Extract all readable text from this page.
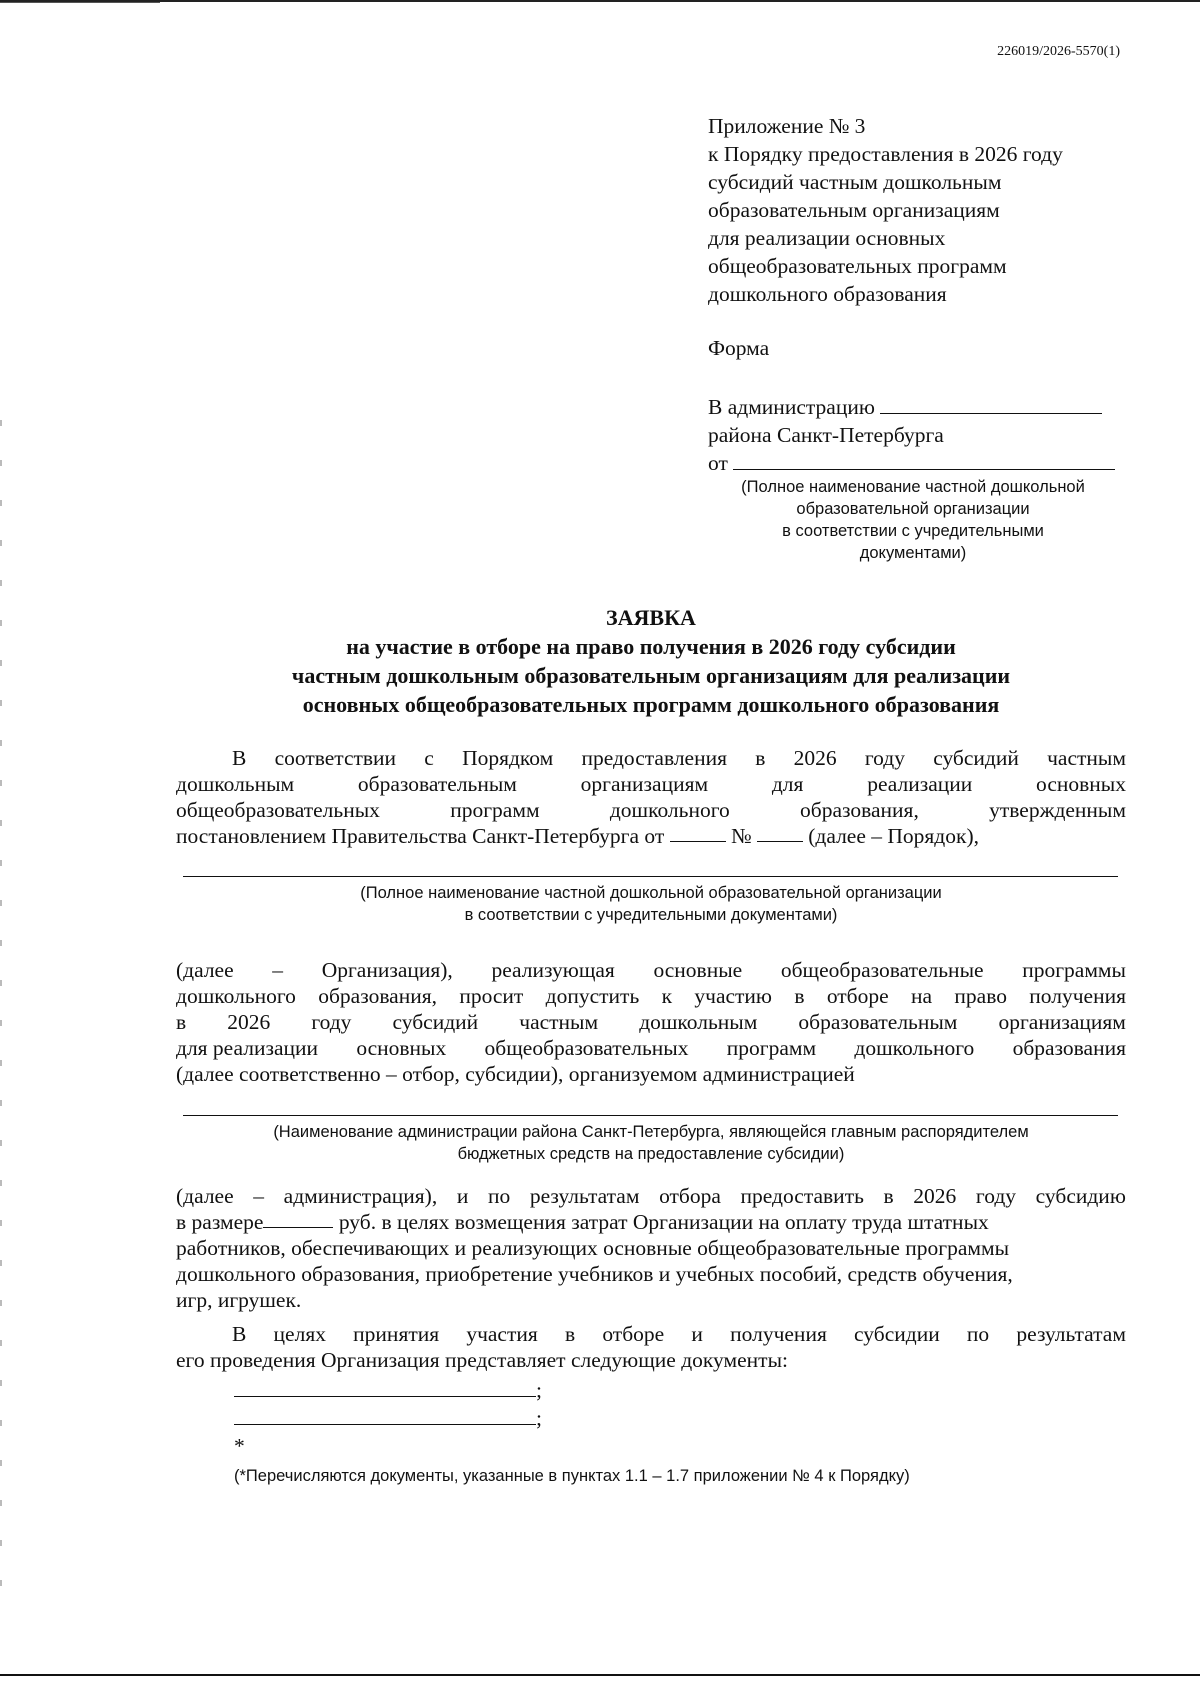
226019/2026-5570(1)
Приложение № 3
к Порядку предоставления в 2026 году
субсидий частным дошкольным
образовательным организациям
для реализации основных
общеобразовательных программ
дошкольного образования
Форма
В администрацию
района Санкт-Петербурга
от
(Полное наименование частной дошкольной
образовательной организации
в соответствии с учредительными
документами)
ЗАЯВКА
на участие в отборе на право получения в 2026 году субсидии
частным дошкольным образовательным организациям для реализации
основных общеобразовательных программ дошкольного образования
В соответствии с Порядком предоставления в 2026 году субсидий частным
дошкольным	образовательным	организациям	для	реализации	основных
общеобразовательных	программ	дошкольного	образования,	утвержденным
постановлением Правительства Санкт-Петербурга от

	№

	(далее – Порядок),
(Полное наименование частной дошкольной образовательной организации
в соответствии с учредительными документами)
(далее – Организация), реализующая основные общеобразовательные программы
дошкольного образования, просит допустить к участию в отборе на право получения
в 2026 году субсидий частным дошкольным образовательным организациям
для реализации основных общеобразовательных программ дошкольного образования
(далее соответственно – отбор, субсидии), организуемом администрацией
(Наименование администрации района Санкт-Петербурга, являющейся главным распорядителем
бюджетных средств на предоставление субсидии)
(далее – администрация), и по результатам отбора предоставить в 2026 году субсидию
в размере
	руб. в целях возмещения затрат Организации на оплату труда штатных
работников, обеспечивающих и реализующих основные общеобразовательные программы
дошкольного образования, приобретение учебников и учебных пособий, средств обучения,
игр, игрушек.
В целях принятия участия в отборе и получения субсидии по результатам
его проведения Организация представляет следующие документы:
;
;
*
(*Перечисляются документы, указанные в пунктах 1.1 – 1.7 приложении № 4 к Порядку)
